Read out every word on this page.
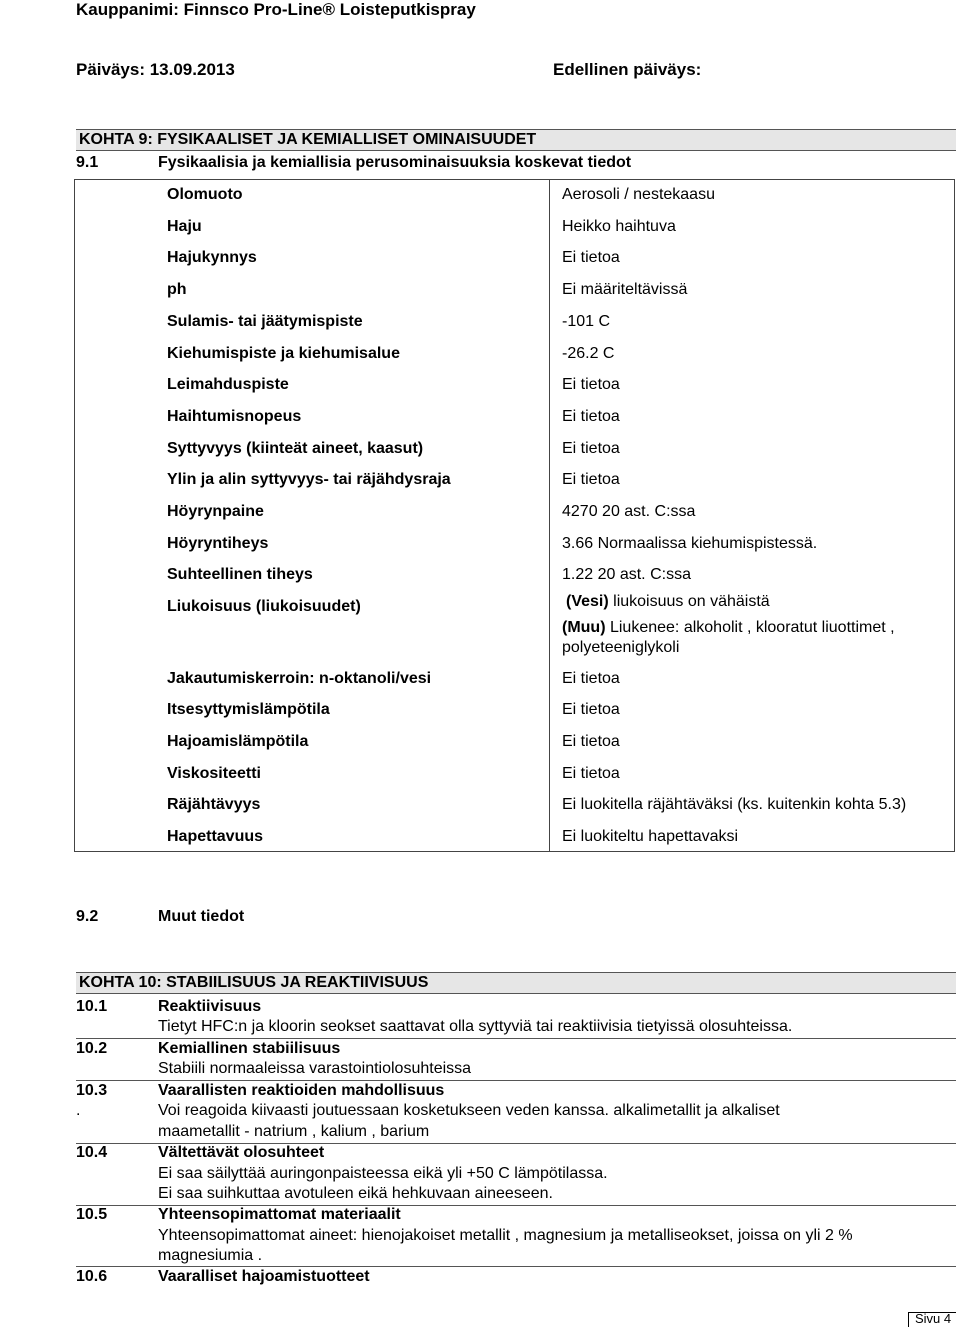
Kauppanimi: Finnsco Pro-Line® Loisteputkispray
Päiväys: 13.09.2013	Edellinen päiväys:
KOHTA 9: FYSIKAALISET JA KEMIALLISET OMINAISUUDET
9.1	Fysikaalisia ja kemiallisia perusominaisuuksia koskevat tiedot
Olomuoto	Aerosoli / nestekaasu
Haju	Heikko haihtuva
Hajukynnys	Ei tietoa
ph	Ei määriteltävissä
Sulamis- tai jäätymispiste	-101 C
Kiehumispiste ja kiehumisalue	-26.2 C
Leimahduspiste	Ei tietoa
Haihtumisnopeus	Ei tietoa
Syttyvyys (kiinteät aineet, kaasut)	Ei tietoa
Ylin ja alin syttyvyys- tai räjähdysraja	Ei tietoa
Höyrynpaine	4270 20 ast. C:ssa
Höyryntiheys	3.66 Normaalissa kiehumispistessä.
Suhteellinen tiheys	1.22 20 ast. C:ssa
Liukoisuus (liukoisuudet)	(Vesi) liukoisuus on vähäistä
(Muu) Liukenee: alkoholit , klooratut liuottimet ,
polyeteeniglykoli
Jakautumiskerroin: n-oktanoli/vesi	Ei tietoa
Itsesyttymislämpötila	Ei tietoa
Hajoamislämpötila	Ei tietoa
Viskositeetti	Ei tietoa
Räjähtävyys	Ei luokitella räjähtäväksi (ks. kuitenkin kohta 5.3)
Hapettavuus	Ei luokiteltu hapettavaksi
9.2	Muut tiedot
KOHTA 10: STABIILISUUS JA REAKTIIVISUUS
10.1	Reaktiivisuus
Tietyt HFC:n ja kloorin seokset saattavat olla syttyviä tai reaktiivisia tietyissä olosuhteissa.
10.2	Kemiallinen stabiilisuus
Stabiili normaaleissa varastointiolosuhteissa
10.3	Vaarallisten reaktioiden mahdollisuus
.	Voi reagoida kiivaasti joutuessaan kosketukseen veden kanssa. alkalimetallit ja alkaliset
maametallit - natrium , kalium , barium
10.4	Vältettävät olosuhteet
Ei saa säilyttää auringonpaisteessa eikä yli +50 C lämpötilassa.
Ei saa suihkuttaa avotuleen eikä hehkuvaan aineeseen.
10.5	Yhteensopimattomat materiaalit
Yhteensopimattomat aineet: hienojakoiset metallit , magnesium ja metalliseokset, joissa on yli 2 %
magnesiumia .
10.6	Vaaralliset hajoamistuotteet
Sivu 4
